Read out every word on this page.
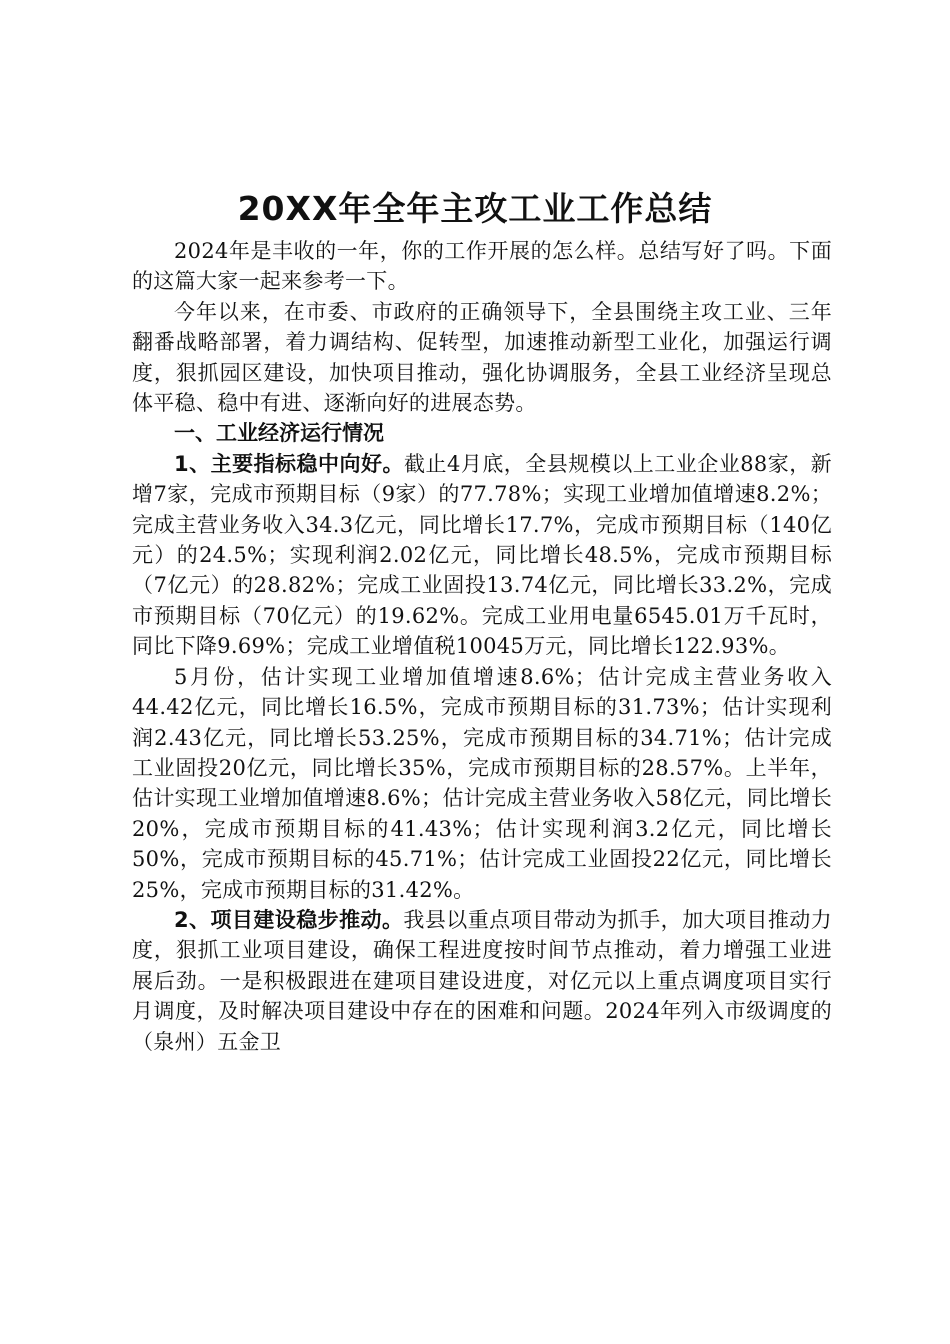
20XX年全年主攻工业工作总结

2024年是丰收的一年，你的工作开展的怎么样。总结写好了吗。下面的这篇大家一起来参考一下。

今年以来，在市委、市政府的正确领导下，全县围绕主攻工业、三年翻番战略部署，着力调结构、促转型，加速推动新型工业化，加强运行调度，狠抓园区建设，加快项目推动，强化协调服务，全县工业经济呈现总体平稳、稳中有进、逐渐向好的进展态势。

一、工业经济运行情况

1、主要指标稳中向好。截止4月底，全县规模以上工业企业88家，新增7家，完成市预期目标（9家）的77.78%；实现工业增加值增速8.2%；完成主营业务收入34.3亿元，同比增长17.7%，完成市预期目标（140亿元）的24.5%；实现利润2.02亿元，同比增长48.5%，完成市预期目标（7亿元）的28.82%；完成工业固投13.74亿元，同比增长33.2%，完成市预期目标（70亿元）的19.62%。完成工业用电量6545.01万千瓦时，同比下降9.69%；完成工业增值税10045万元，同比增长122.93%。

5月份，估计实现工业增加值增速8.6%；估计完成主营业务收入44.42亿元，同比增长16.5%，完成市预期目标的31.73%；估计实现利润2.43亿元，同比增长53.25%，完成市预期目标的34.71%；估计完成工业固投20亿元，同比增长35%，完成市预期目标的28.57%。上半年，估计实现工业增加值增速8.6%；估计完成主营业务收入58亿元，同比增长20%，完成市预期目标的41.43%；估计实现利润3.2亿元，同比增长50%，完成市预期目标的45.71%；估计完成工业固投22亿元，同比增长25%，完成市预期目标的31.42%。

2、项目建设稳步推动。我县以重点项目带动为抓手，加大项目推动力度，狠抓工业项目建设，确保工程进度按时间节点推动，着力增强工业进展后劲。一是积极跟进在建项目建设进度，对亿元以上重点调度项目实行月调度，及时解决项目建设中存在的困难和问题。2024年列入市级调度的（泉州）五金卫
